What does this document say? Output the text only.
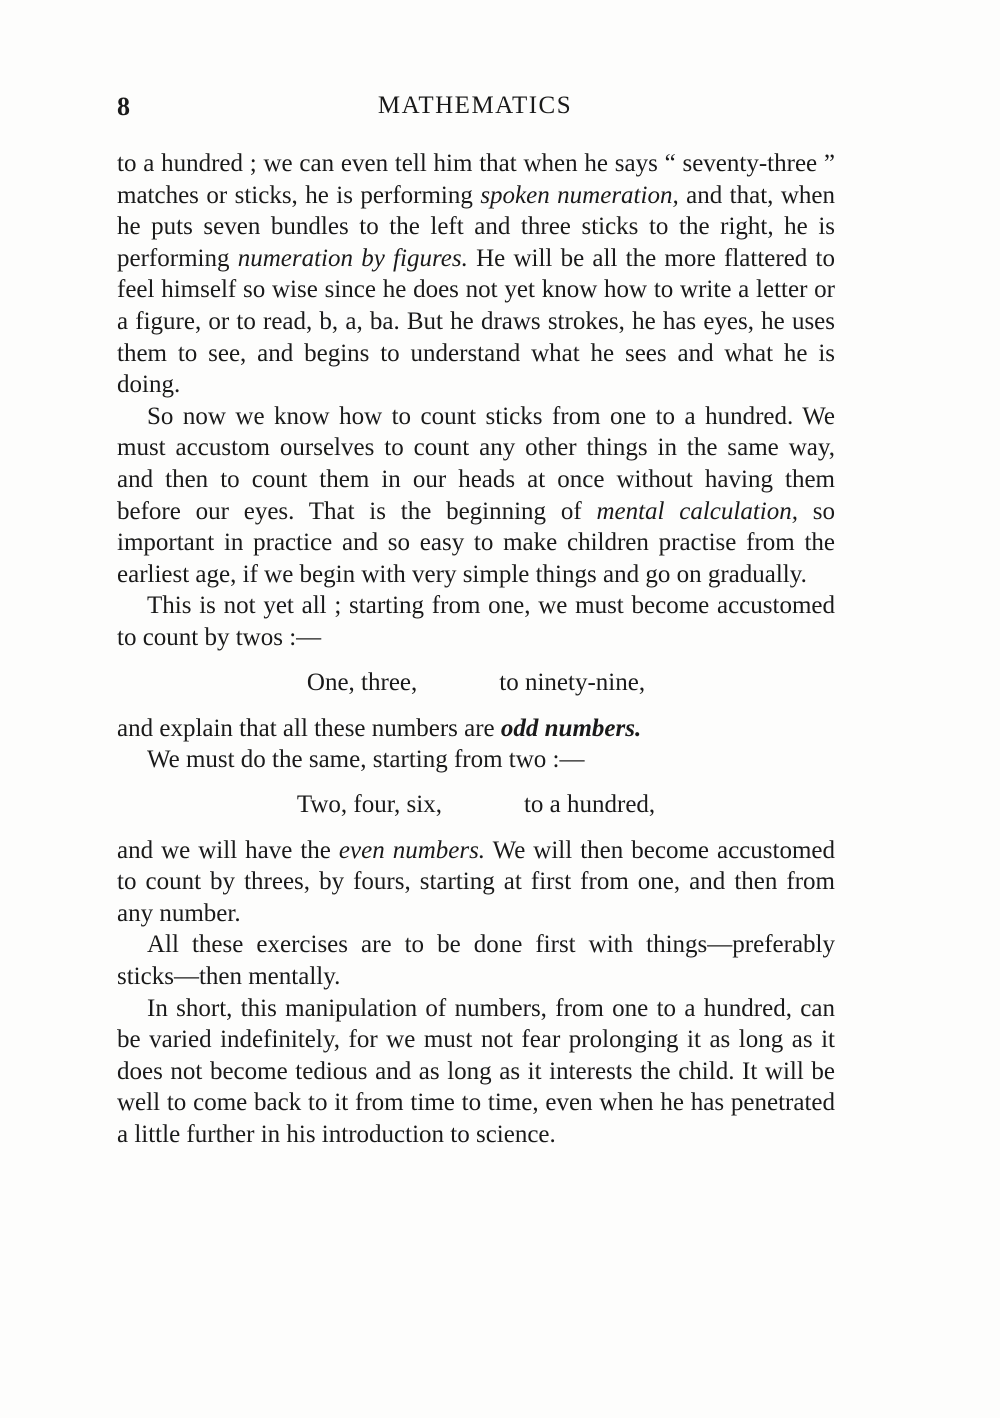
8	MATHEMATICS

to a hundred ; we can even tell him that when he says “ seventy-three ” matches or sticks, he is performing spoken numeration, and that, when he puts seven bundles to the left and three sticks to the right, he is performing numeration by figures. He will be all the more flattered to feel himself so wise since he does not yet know how to write a letter or a figure, or to read, b, a, ba. But he draws strokes, he has eyes, he uses them to see, and begins to understand what he sees and what he is doing.

So now we know how to count sticks from one to a hundred. We must accustom ourselves to count any other things in the same way, and then to count them in our heads at once without having them before our eyes. That is the beginning of mental calculation, so important in practice and so easy to make children practise from the earliest age, if we begin with very simple things and go on gradually.

This is not yet all ; starting from one, we must become accustomed to count by twos :—

One, three,	to ninety-nine,

and explain that all these numbers are odd numbers.

We must do the same, starting from two :—

Two, four, six,	to a hundred,

and we will have the even numbers. We will then become accustomed to count by threes, by fours, starting at first from one, and then from any number.

All these exercises are to be done first with things—preferably sticks—then mentally.

In short, this manipulation of numbers, from one to a hundred, can be varied indefinitely, for we must not fear prolonging it as long as it does not become tedious and as long as it interests the child. It will be well to come back to it from time to time, even when he has penetrated a little further in his introduction to science.
